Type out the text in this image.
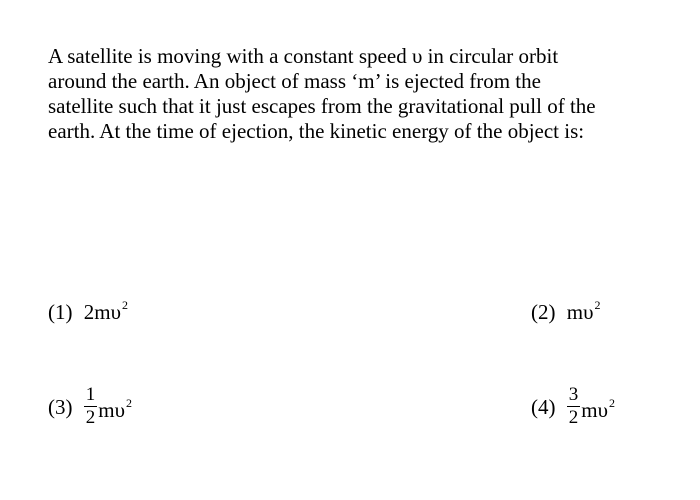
A satellite is moving with a constant speed υ in circular orbit
around the earth. An object of mass ‘m’ is ejected from the
satellite such that it just escapes from the gravitational pull of the
earth. At the time of ejection, the kinetic energy of the object is:
(1) $2m\upsilon^2$	(2) $m\upsilon^2$
$(3) \frac{1}{2} m\upsilon^2$	$(4) \frac{3}{2} m\upsilon^2$
